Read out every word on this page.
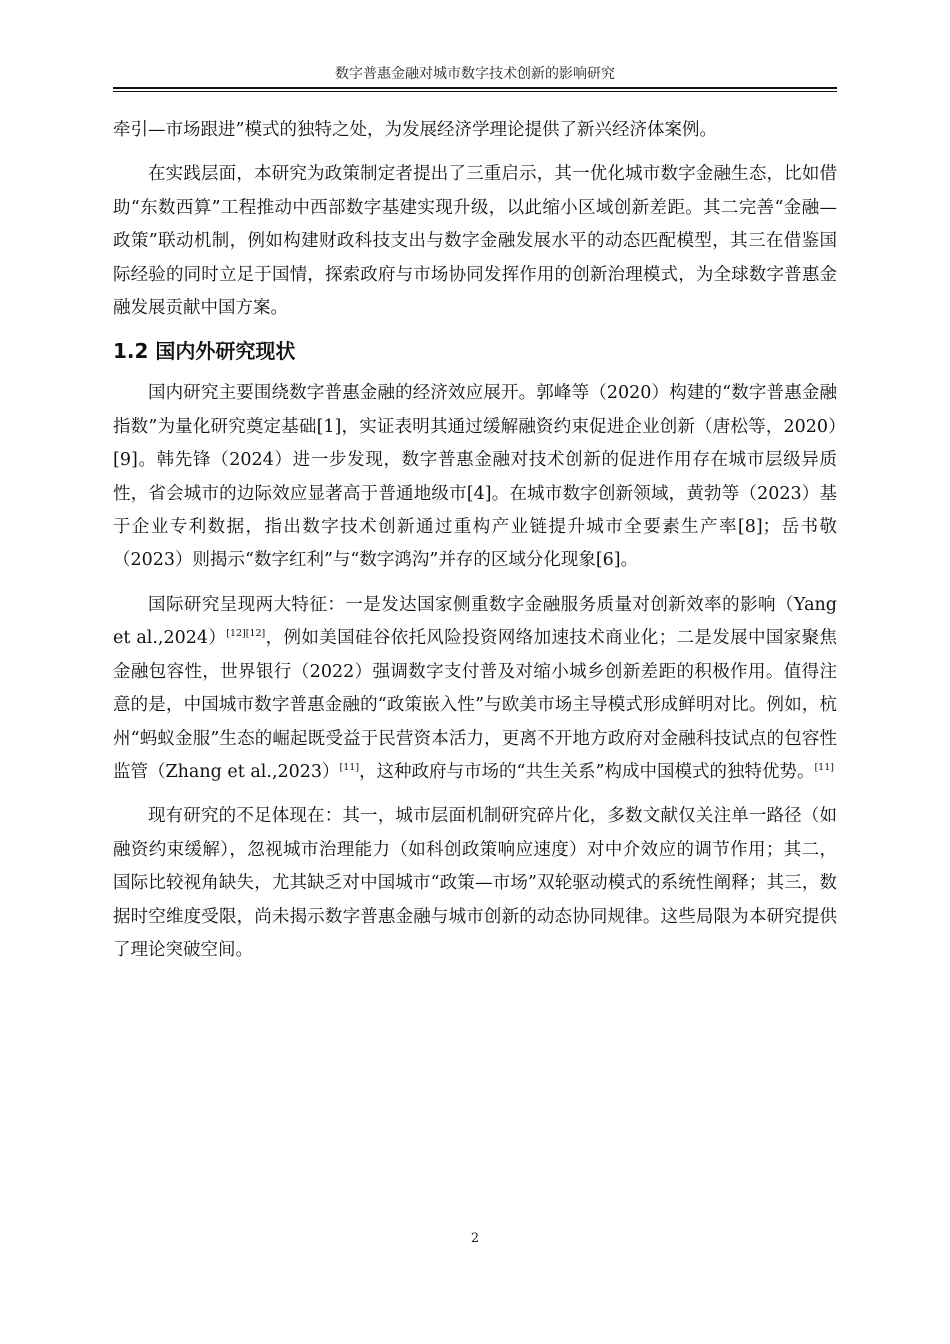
数字普惠金融对城市数字技术创新的影响研究

牵引—市场跟进”模式的独特之处，为发展经济学理论提供了新兴经济体案例。

在实践层面，本研究为政策制定者提出了三重启示，其一优化城市数字金融生态，比如借助“东数西算”工程推动中西部数字基建实现升级，以此缩小区域创新差距。其二完善“金融—政策”联动机制，例如构建财政科技支出与数字金融发展水平的动态匹配模型，其三在借鉴国际经验的同时立足于国情，探索政府与市场协同发挥作用的创新治理模式，为全球数字普惠金融发展贡献中国方案。

1.2 国内外研究现状

国内研究主要围绕数字普惠金融的经济效应展开。郭峰等（2020）构建的“数字普惠金融指数”为量化研究奠定基础[1]，实证表明其通过缓解融资约束促进企业创新（唐松等，2020）[9]。韩先锋（2024）进一步发现，数字普惠金融对技术创新的促进作用存在城市层级异质性，省会城市的边际效应显著高于普通地级市[4]。在城市数字创新领域，黄勃等（2023）基于企业专利数据，指出数字技术创新通过重构产业链提升城市全要素生产率[8]；岳书敬（2023）则揭示“数字红利”与“数字鸿沟”并存的区域分化现象[6]。

国际研究呈现两大特征：一是发达国家侧重数字金融服务质量对创新效率的影响（Yang et al.,2024）[12][12]，例如美国硅谷依托风险投资网络加速技术商业化；二是发展中国家聚焦金融包容性，世界银行（2022）强调数字支付普及对缩小城乡创新差距的积极作用。值得注意的是，中国城市数字普惠金融的“政策嵌入性”与欧美市场主导模式形成鲜明对比。例如，杭州“蚂蚁金服”生态的崛起既受益于民营资本活力，更离不开地方政府对金融科技试点的包容性监管（Zhang et al.,2023）[11]，这种政府与市场的“共生关系”构成中国模式的独特优势。[11]

现有研究的不足体现在：其一，城市层面机制研究碎片化，多数文献仅关注单一路径（如融资约束缓解），忽视城市治理能力（如科创政策响应速度）对中介效应的调节作用；其二，国际比较视角缺失，尤其缺乏对中国城市“政策—市场”双轮驱动模式的系统性阐释；其三，数据时空维度受限，尚未揭示数字普惠金融与城市创新的动态协同规律。这些局限为本研究提供了理论突破空间。

2
